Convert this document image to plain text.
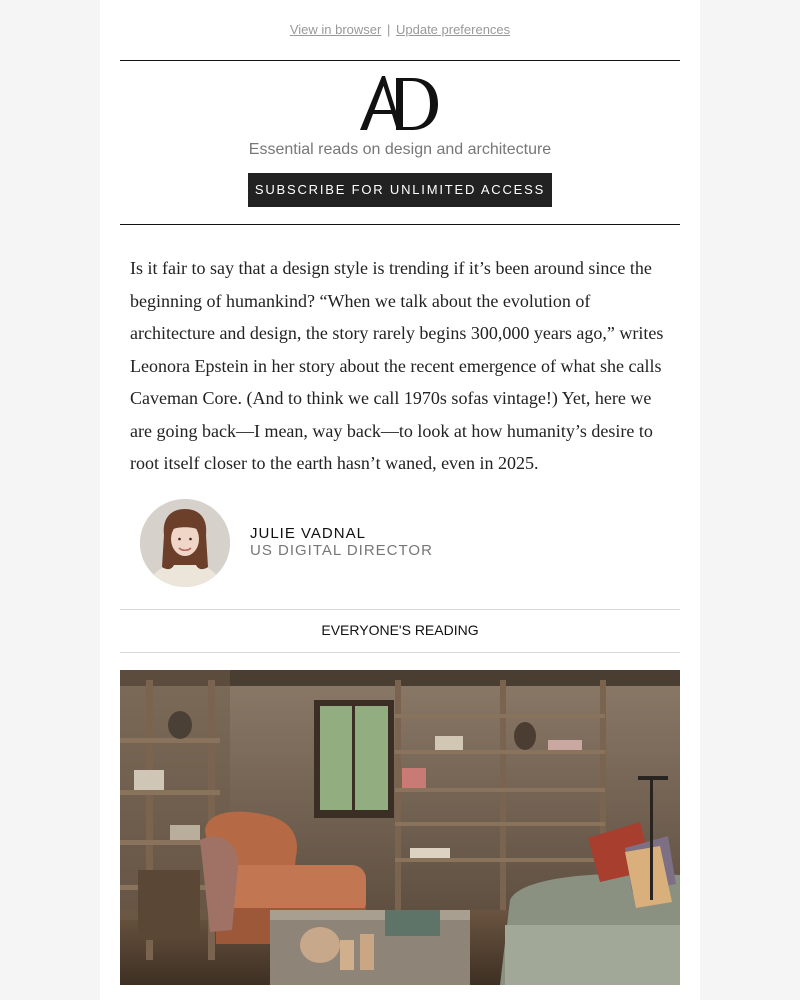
View in browser | Update preferences
Essential reads on design and architecture
SUBSCRIBE FOR UNLIMITED ACCESS

Is it fair to say that a design style is trending if it’s been around since the beginning of humankind? “When we talk about the evolution of architecture and design, the story rarely begins 300,000 years ago,” writes Leonora Epstein in her story about the recent emergence of what she calls Caveman Core. (And to think we call 1970s sofas vintage!) Yet, here we are going back—I mean, way back—to look at how humanity’s desire to root itself closer to the earth hasn’t waned, even in 2025.

JULIE VADNAL
US DIGITAL DIRECTOR
EVERYONE'S READING
